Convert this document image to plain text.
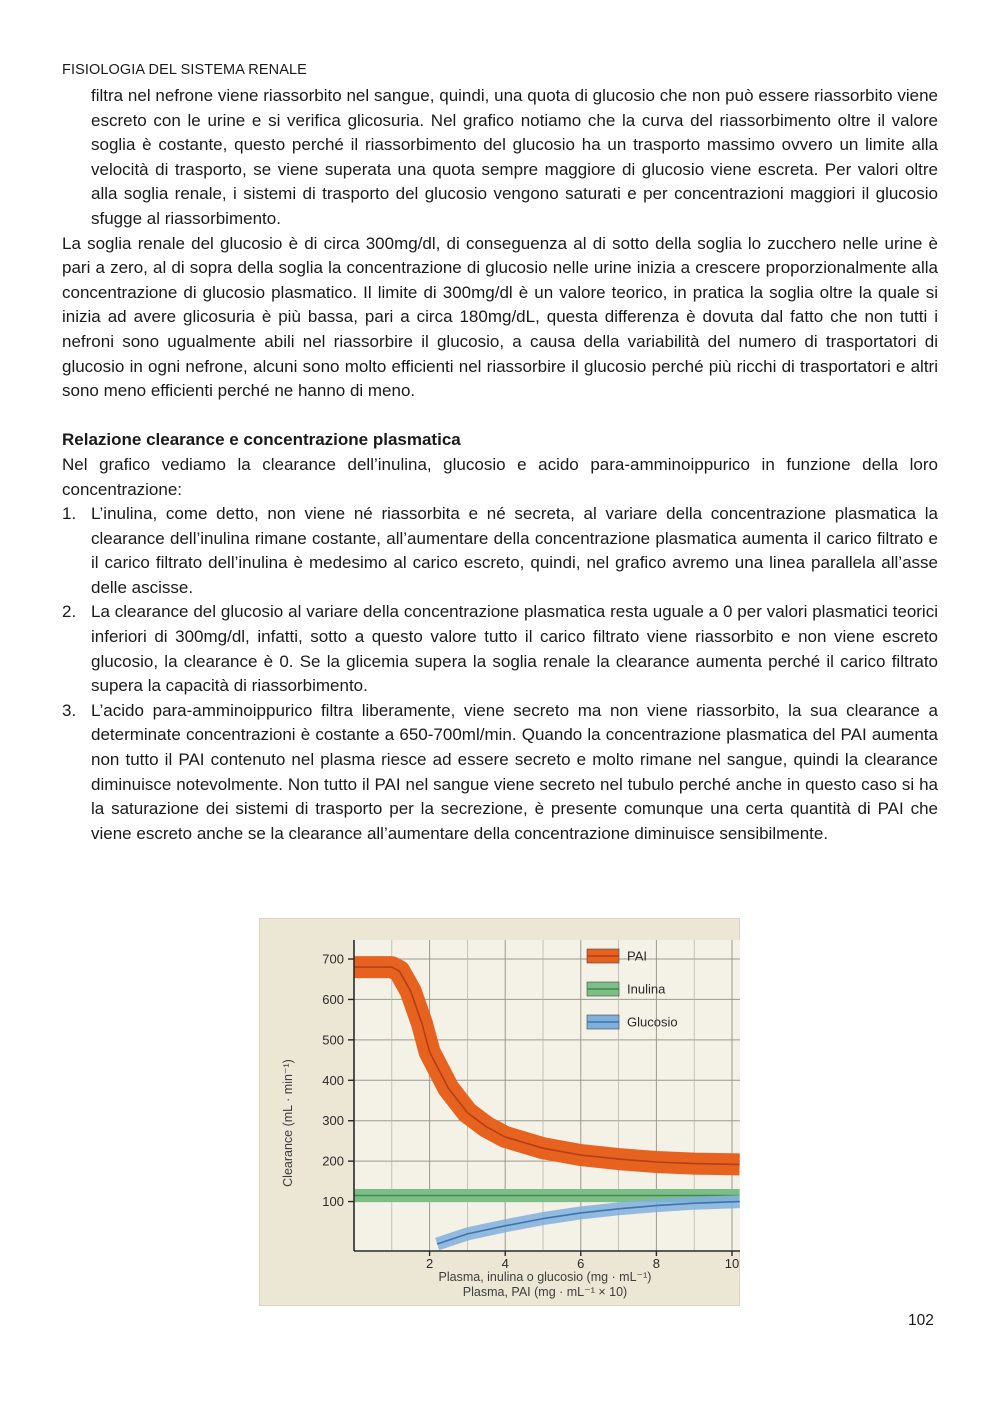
FISIOLOGIA DEL SISTEMA RENALE

filtra nel nefrone viene riassorbito nel sangue, quindi, una quota di glucosio che non può essere riassorbito viene escreto con le urine e si verifica glicosuria. Nel grafico notiamo che la curva del riassorbimento oltre il valore soglia è costante, questo perché il riassorbimento del glucosio ha un trasporto massimo ovvero un limite alla velocità di trasporto, se viene superata una quota sempre maggiore di glucosio viene escreta. Per valori oltre alla soglia renale, i sistemi di trasporto del glucosio vengono saturati e per concentrazioni maggiori il glucosio sfugge al riassorbimento.

La soglia renale del glucosio è di circa 300mg/dl, di conseguenza al di sotto della soglia lo zucchero nelle urine è pari a zero, al di sopra della soglia la concentrazione di glucosio nelle urine inizia a crescere proporzionalmente alla concentrazione di glucosio plasmatico. Il limite di 300mg/dl è un valore teorico, in pratica la soglia oltre la quale si inizia ad avere glicosuria è più bassa, pari a circa 180mg/dL, questa differenza è dovuta dal fatto che non tutti i nefroni sono ugualmente abili nel riassorbire il glucosio, a causa della variabilità del numero di trasportatori di glucosio in ogni nefrone, alcuni sono molto efficienti nel riassorbire il glucosio perché più ricchi di trasportatori e altri sono meno efficienti perché ne hanno di meno.

Relazione clearance e concentrazione plasmatica

Nel grafico vediamo la clearance dell’inulina, glucosio e acido para-amminoippurico in funzione della loro concentrazione:

1. L’inulina, come detto, non viene né riassorbita e né secreta, al variare della concentrazione plasmatica la clearance dell’inulina rimane costante, all’aumentare della concentrazione plasmatica aumenta il carico filtrato e il carico filtrato dell’inulina è medesimo al carico escreto, quindi, nel grafico avremo una linea parallela all’asse delle ascisse.
2. La clearance del glucosio al variare della concentrazione plasmatica resta uguale a 0 per valori plasmatici teorici inferiori di 300mg/dl, infatti, sotto a questo valore tutto il carico filtrato viene riassorbito e non viene escreto glucosio, la clearance è 0. Se la glicemia supera la soglia renale la clearance aumenta perché il carico filtrato supera la capacità di riassorbimento.
3. L’acido para-amminoippurico filtra liberamente, viene secreto ma non viene riassorbito, la sua clearance a determinate concentrazioni è costante a 650-700ml/min. Quando la concentrazione plasmatica del PAI aumenta non tutto il PAI contenuto nel plasma riesce ad essere secreto e molto rimane nel sangue, quindi la clearance diminuisce notevolmente. Non tutto il PAI nel sangue viene secreto nel tubulo perché anche in questo caso si ha la saturazione dei sistemi di trasporto per la secrezione, è presente comunque una certa quantità di PAI che viene escreto anche se la clearance all’aumentare della concentrazione diminuisce sensibilmente.
100
200
300
400
500
600
700
2	4	6	8	10
PAI
Inulina
Glucosio
Clearance (mL · min⁻¹)
Plasma, inulina o glucosio (mg · mL⁻¹)
Plasma, PAI (mg · mL⁻¹ × 10)
102
